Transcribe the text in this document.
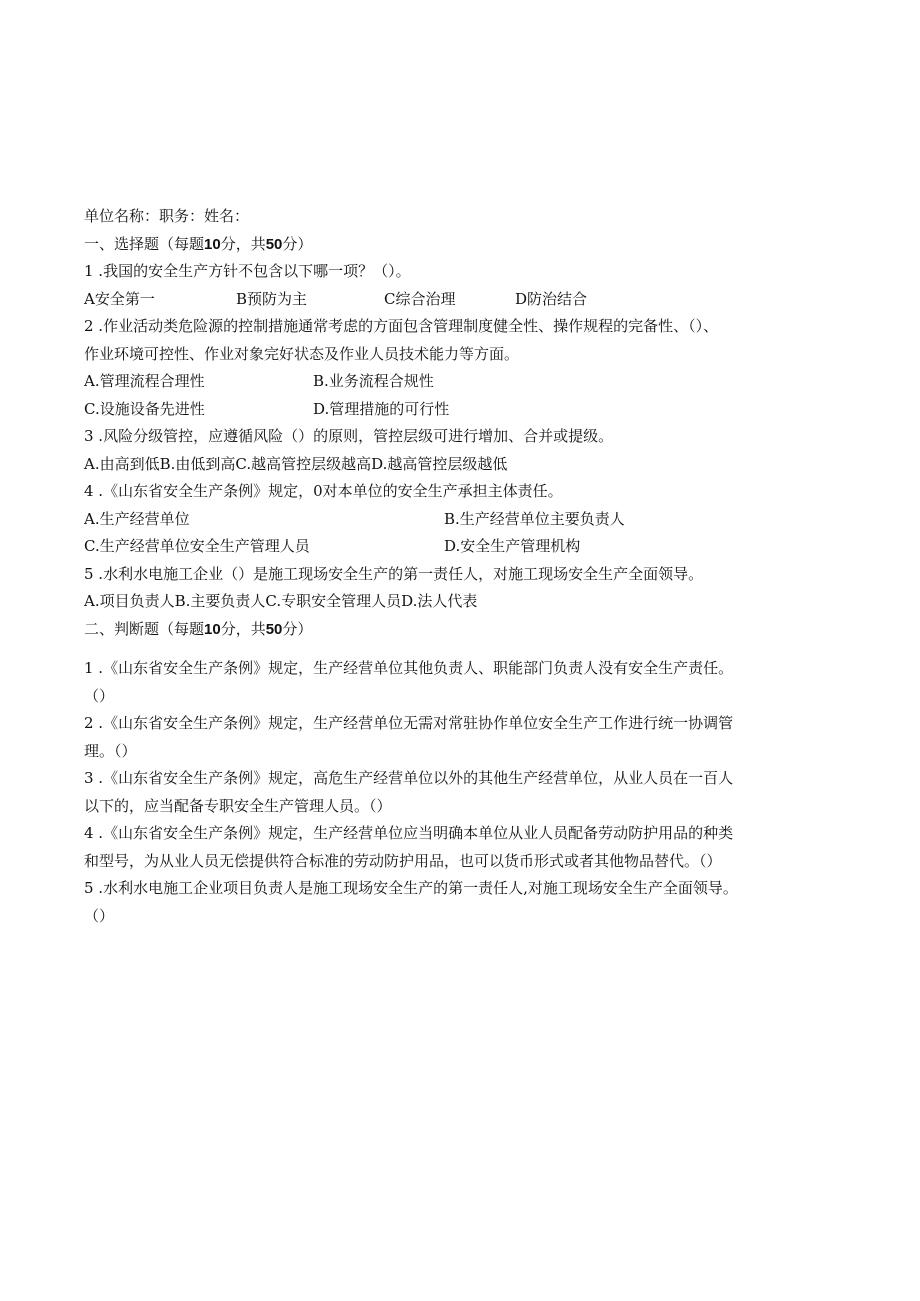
单位名称：职务：姓名：
一、选择题（每题10分，共50分）
1 .我国的安全生产方针不包含以下哪一项？（）。
A安全第一	B预防为主	C综合治理	D防治结合
2 .作业活动类危险源的控制措施通常考虑的方面包含管理制度健全性、操作规程的完备性、（）、
作业环境可控性、作业对象完好状态及作业人员技术能力等方面。
A.管理流程合理性	B.业务流程合规性
C.设施设备先进性	D.管理措施的可行性
3 .风险分级管控，应遵循风险（）的原则，管控层级可进行增加、合并或提级。
A.由高到低B.由低到高C.越高管控层级越高D.越高管控层级越低
4 .《山东省安全生产条例》规定，0对本单位的安全生产承担主体责任。
A.生产经营单位	B.生产经营单位主要负责人
C.生产经营单位安全生产管理人员	D.安全生产管理机构
5 .水利水电施工企业（）是施工现场安全生产的第一责任人，对施工现场安全生产全面领导。
A.项目负责人B.主要负责人C.专职安全管理人员D.法人代表
二、判断题（每题10分，共50分）
1 .《山东省安全生产条例》规定，生产经营单位其他负责人、职能部门负责人没有安全生产责任。
（）
2 .《山东省安全生产条例》规定，生产经营单位无需对常驻协作单位安全生产工作进行统一协调管
理。（）
3 .《山东省安全生产条例》规定，高危生产经营单位以外的其他生产经营单位，从业人员在一百人
以下的，应当配备专职安全生产管理人员。（）
4 .《山东省安全生产条例》规定，生产经营单位应当明确本单位从业人员配备劳动防护用品的种类
和型号，为从业人员无偿提供符合标准的劳动防护用品，也可以货币形式或者其他物品替代。（）
5 .水利水电施工企业项目负责人是施工现场安全生产的第一责任人,对施工现场安全生产全面领导。
（）
